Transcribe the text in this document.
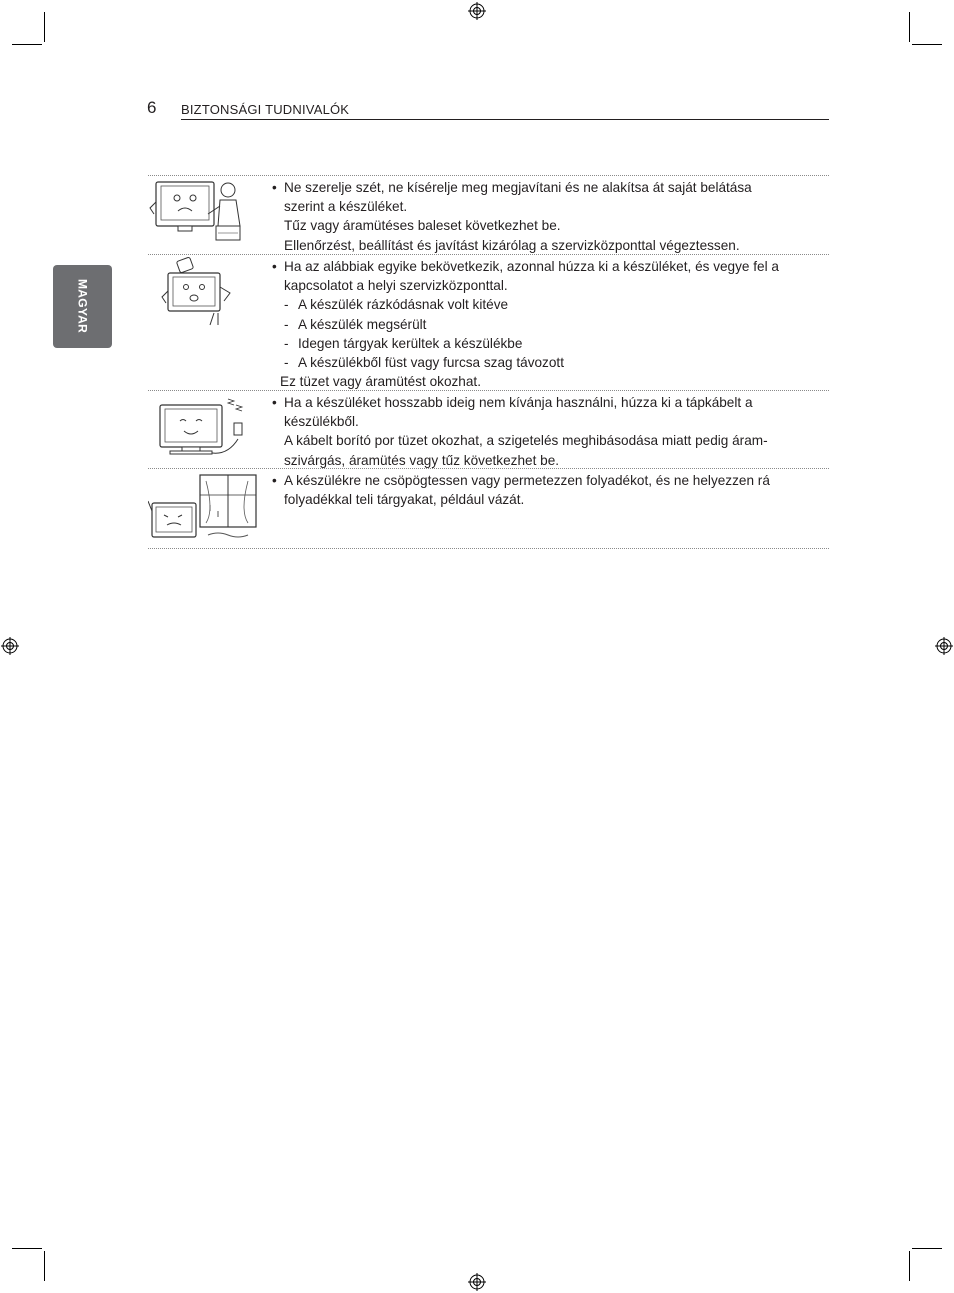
6 BIZTONSÁGI TUDNIVALÓK
MAGYAR
• Ne szerelje szét, ne kísérelje meg megjavítani és ne alakítsa át saját belátása
szerint a készüléket.
Tűz vagy áramütéses baleset következhet be.
Ellenőrzést, beállítást és javítást kizárólag a szervizközponttal végeztessen.
• Ha az alábbiak egyike bekövetkezik, azonnal húzza ki a készüléket, és vegye fel a
kapcsolatot a helyi szervizközponttal.
- A készülék rázkódásnak volt kitéve
- A készülék megsérült
- Idegen tárgyak kerültek a készülékbe
- A készülékből füst vagy furcsa szag távozott
Ez tüzet vagy áramütést okozhat.
• Ha a készüléket hosszabb ideig nem kívánja használni, húzza ki a tápkábelt a
készülékből.
A kábelt borító por tüzet okozhat, a szigetelés meghibásodása miatt pedig áram-
szivárgás, áramütés vagy tűz következhet be.
• A készülékre ne csöpögtessen vagy permetezzen folyadékot, és ne helyezzen rá
folyadékkal teli tárgyakat, például vázát.
